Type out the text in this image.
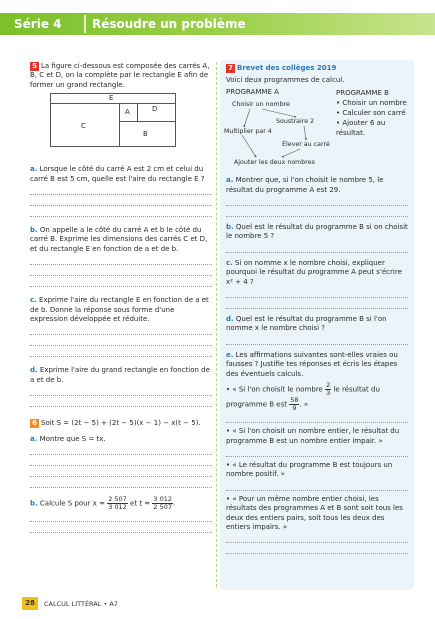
Série 4	Résoudre un problème
5 La figure ci-dessous est composée des carrés A, B, C et D, on la complète par le rectangle E afin de former un grand rectangle.
E
A	D
C
B
a. Lorsque le côté du carré A est 2 cm et celui du carré B est 5 cm, quelle est l'aire du rectangle E ?
b. On appelle a le côté du carré A et b le côté du carré B. Exprime les dimensions des carrés C et D, et du rectangle E en fonction de a et de b.
c. Exprime l'aire du rectangle E en fonction de a et de b. Donne la réponse sous forme d'une expression développée et réduite.
d. Exprime l'aire du grand rectangle en fonction de a et de b.
6 Soit S = (2t − 5) + (2t − 5)(x − 1) − x(t − 5).
a. Montre que S = tx.
b. Calcule S pour $x = \frac{2 507}{3 012}$ et $t = \frac{3 012}{2 507}$ .
7 Brevet des collèges 2019
Voici deux programmes de calcul.
PROGRAMME A
Choisir un nombre
Soustraire 2
Multiplier par 4
Élever au carré
Ajouter les deux nombres
PROGRAMME B
• Choisir un nombre
• Calculer son carré
• Ajouter 6 au résultat.
a. Montrer que, si l'on choisit le nombre 5, le résultat du programme A est 29.
b. Quel est le résultat du programme B si on choisit le nombre 5 ?
c. Si on nomme x le nombre choisi, expliquer pourquoi le résultat du programme A peut s'écrire x² + 4 ?
d. Quel est le résultat du programme B si l'on nomme x le nombre choisi ?
e. Les affirmations suivantes sont-elles vraies ou fausses ? Justifie tes réponses et écris les étapes des éventuels calculs.
• « Si l'on choisit le nombre $\frac{2}{3}$ le résultat du programme B est $\frac{58}{9}$ . »
• « Si l'on choisit un nombre entier, le résultat du programme B est un nombre entier impair. »
• « Le résultat du programme B est toujours un nombre positif. »
• « Pour un même nombre entier choisi, les résultats des programmes A et B sont soit tous les deux des entiers pairs, soit tous les deux des entiers impairs. »
28	CALCUL LITTÉRAL • A7
